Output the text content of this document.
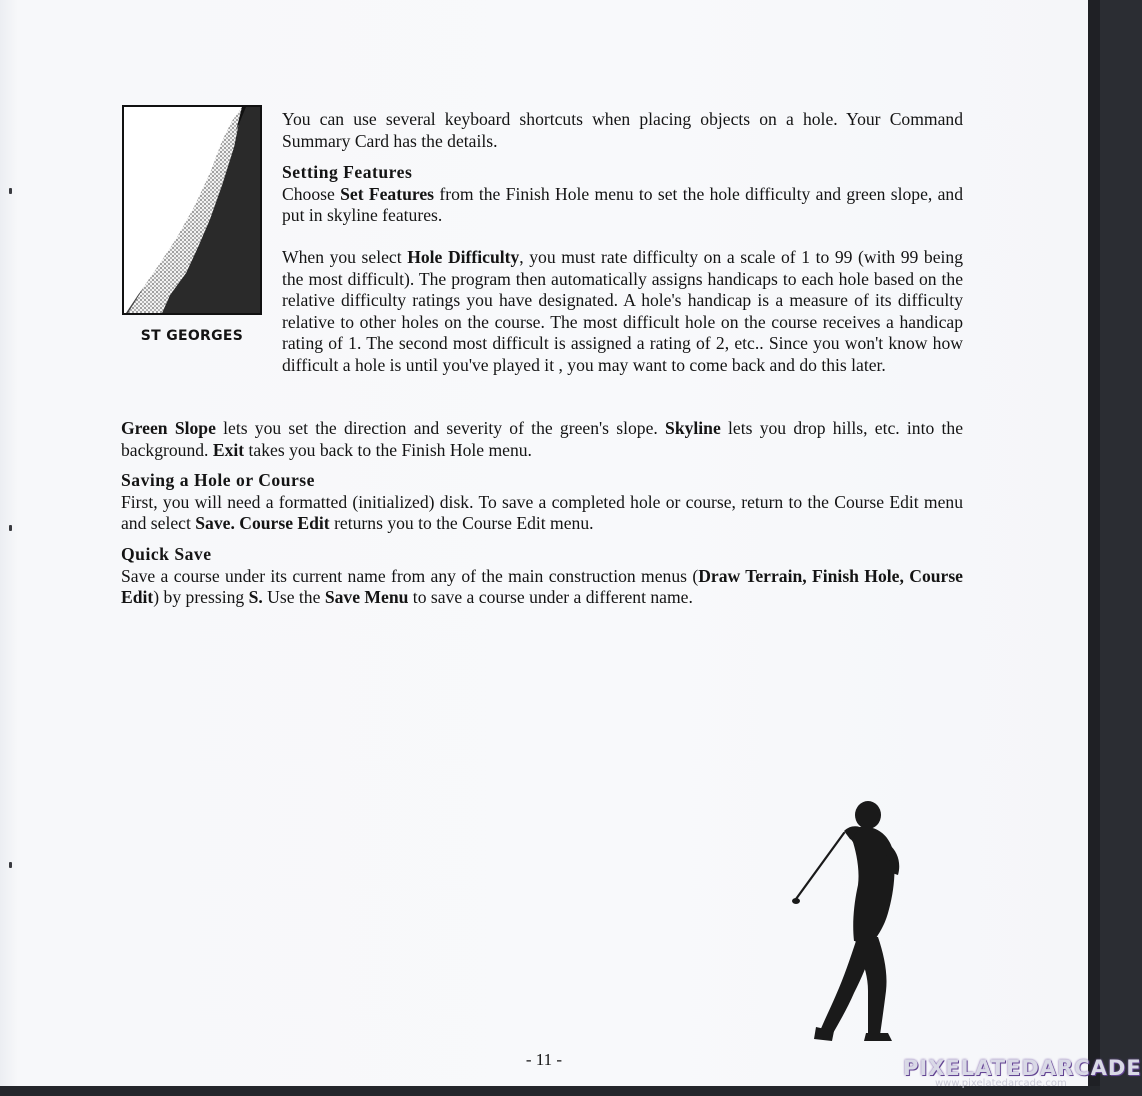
ST GEORGES

You can use several keyboard shortcuts when placing objects on a hole. Your Command Summary Card has the details.

Setting Features

Choose Set Features from the Finish Hole menu to set the hole difficulty and green slope, and put in skyline features.

When you select Hole Difficulty, you must rate difficulty on a scale of 1 to 99 (with 99 being the most difficult). The program then automatically assigns handicaps to each hole based on the relative difficulty ratings you have designated. A hole's handicap is a measure of its difficulty relative to other holes on the course. The most difficult hole on the course receives a handicap rating of 1. The second most difficult is assigned a rating of 2, etc.. Since you won't know how difficult a hole is until you've played it , you may want to come back and do this later.

Green Slope lets you set the direction and severity of the green's slope. Skyline lets you drop hills, etc. into the background. Exit takes you back to the Finish Hole menu.

Saving a Hole or Course

First, you will need a formatted (initialized) disk. To save a completed hole or course, return to the Course Edit menu and select Save. Course Edit returns you to the Course Edit menu.

Quick Save

Save a course under its current name from any of the main construction menus (Draw Terrain, Finish Hole, Course Edit) by pressing S. Use the Save Menu to save a course under a different name.

- 11 -	PIXELATEDARCADE
www.pixelatedarcade.com
